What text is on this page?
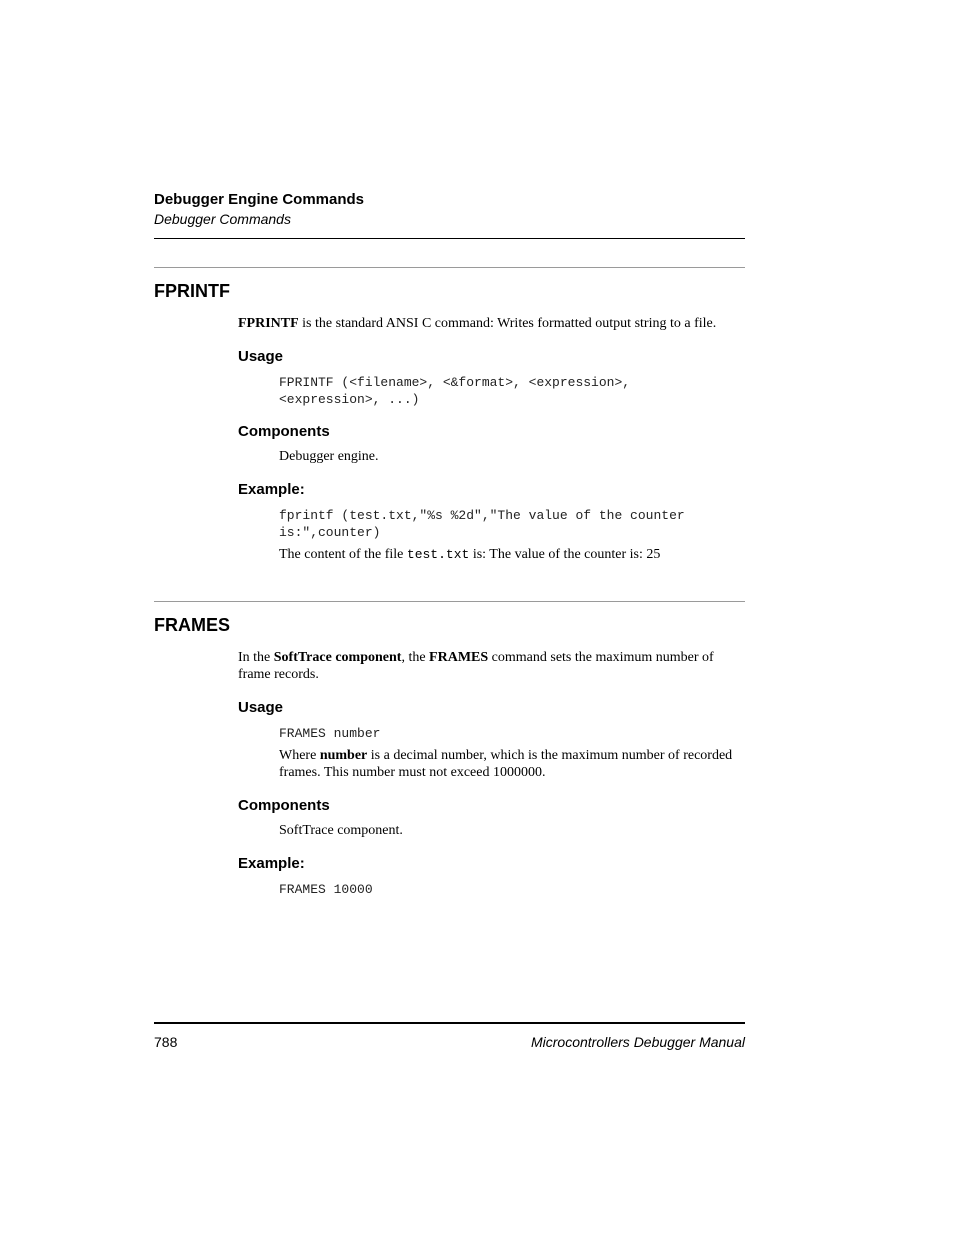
Debugger Engine Commands
Debugger Commands
FPRINTF
FPRINTF is the standard ANSI C command: Writes formatted output string to a file.
Usage
FPRINTF (<filename>, <&format>, <expression>,
<expression>, ...)
Components
Debugger engine.
Example:
fprintf (test.txt,"%s %2d","The value of the counter
is:",counter)
The content of the file test.txt is: The value of the counter is: 25
FRAMES
In the SoftTrace component, the FRAMES command sets the maximum number of frame records.
Usage
FRAMES number
Where number is a decimal number, which is the maximum number of recorded frames. This number must not exceed 1000000.
Components
SoftTrace component.
Example:
FRAMES 10000
788	Microcontrollers Debugger Manual
